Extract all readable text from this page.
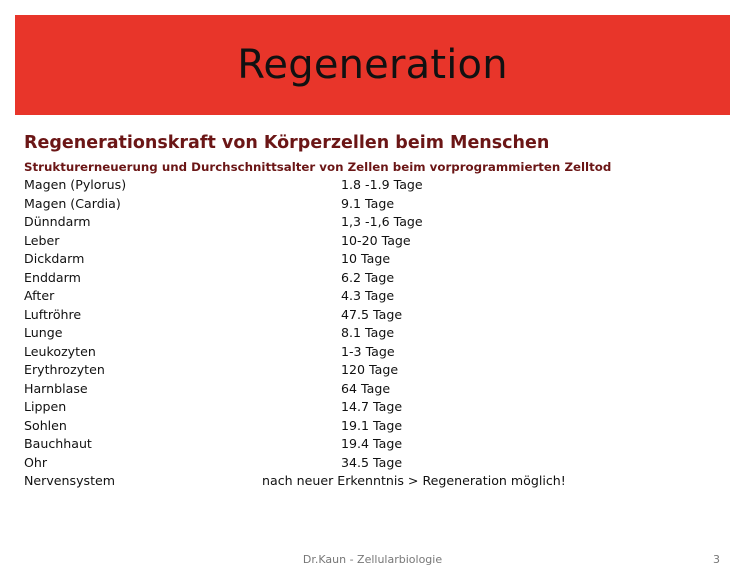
Regeneration
Regenerationskraft von Körperzellen beim Menschen
Strukturerneuerung und Durchschnittsalter von Zellen beim vorprogrammierten Zelltod
Magen (Pylorus)	1.8 -1.9 Tage
Magen (Cardia)	9.1 Tage
Dünndarm	1,3 -1,6 Tage
Leber	10-20 Tage
Dickdarm	10 Tage
Enddarm	6.2 Tage
After	4.3 Tage
Luftröhre	47.5 Tage
Lunge	8.1 Tage
Leukozyten	1-3 Tage
Erythrozyten	120 Tage
Harnblase	64 Tage
Lippen	14.7 Tage
Sohlen	19.1 Tage
Bauchhaut	19.4 Tage
Ohr	34.5 Tage
Nervensystem	nach neuer Erkenntnis > Regeneration möglich!
Dr.Kaun - Zellularbiologie	3
